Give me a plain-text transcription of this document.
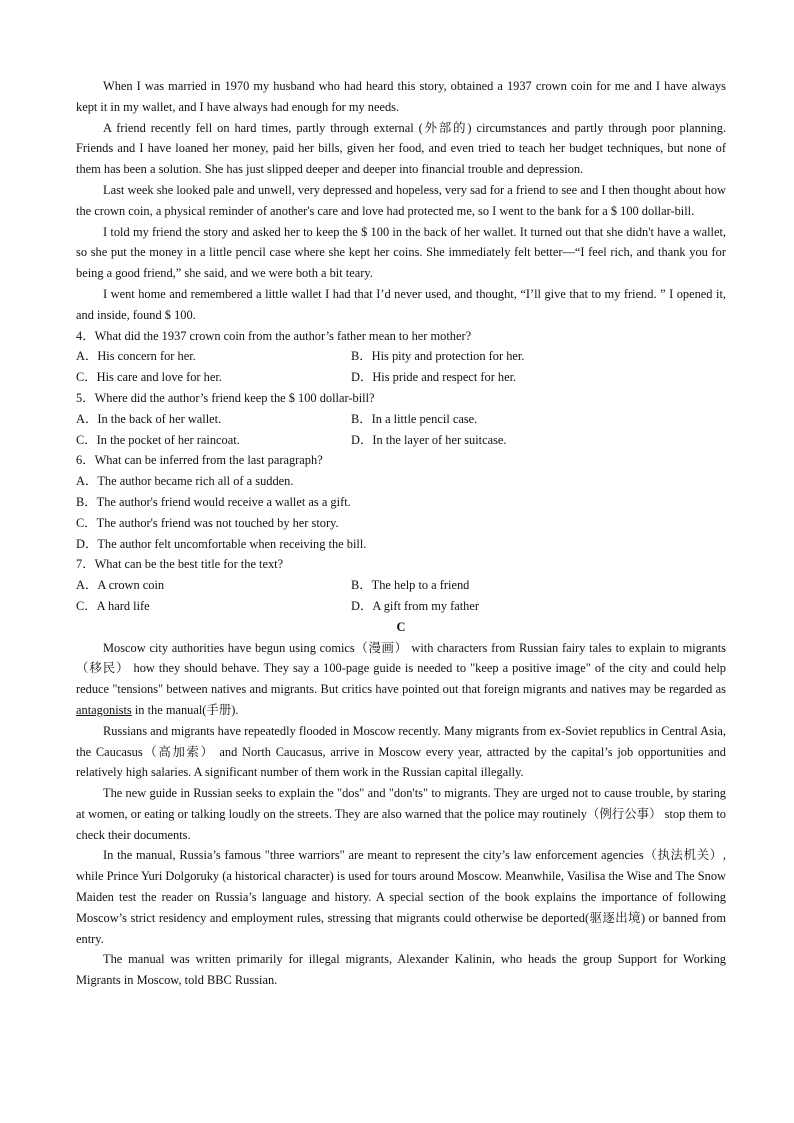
When I was married in 1970 my husband who had heard this story, obtained a 1937 crown coin for me and I have always kept it in my wallet, and I have always had enough for my needs.

A friend recently fell on hard times, partly through external (外部的) circumstances and partly through poor planning. Friends and I have loaned her money, paid her bills, given her food, and even tried to teach her budget techniques, but none of them has been a solution. She has just slipped deeper and deeper into financial trouble and depression.

Last week she looked pale and unwell, very depressed and hopeless, very sad for a friend to see and I then thought about how the crown coin, a physical reminder of another's care and love had protected me, so I went to the bank for a $ 100 dollar-bill.

I told my friend the story and asked her to keep the $ 100 in the back of her wallet. It turned out that she didn't have a wallet, so she put the money in a little pencil case where she kept her coins. She immediately felt better—“I feel rich, and thank you for being a good friend,” she said, and we were both a bit teary.

I went home and remembered a little wallet I had that I’d never used, and thought, “I’ll give that to my friend. ” I opened it, and inside, found $ 100.

4．What did the 1937 crown coin from the author’s father mean to her mother?

A．His concern for her.	B．His pity and protection for her.
C．His care and love for her.	D．His pride and respect for her.

5．Where did the author’s friend keep the $ 100 dollar-bill?

A．In the back of her wallet.	B．In a little pencil case.
C．In the pocket of her raincoat.	D．In the layer of her suitcase.

6．What can be inferred from the last paragraph?

A．The author became rich all of a sudden.

B．The author's friend would receive a wallet as a gift.

C．The author's friend was not touched by her story.

D．The author felt uncomfortable when receiving the bill.

7．What can be the best title for the text?

A．A crown coin	B．The help to a friend
C．A hard life	D．A gift from my father

C

Moscow city authorities have begun using comics（漫画） with characters from Russian fairy tales to explain to migrants（移民） how they should behave. They say a 100-page guide is needed to "keep a positive image" of the city and could help reduce "tensions" between natives and migrants. But critics have pointed out that foreign migrants and natives may be regarded as antagonists in the manual(手册).

Russians and migrants have repeatedly flooded in Moscow recently. Many migrants from ex-Soviet republics in Central Asia, the Caucasus（高加索） and North Caucasus, arrive in Moscow every year, attracted by the capital’s job opportunities and relatively high salaries. A significant number of them work in the Russian capital illegally.

The new guide in Russian seeks to explain the "dos" and "don'ts" to migrants. They are urged not to cause trouble, by staring at women, or eating or talking loudly on the streets. They are also warned that the police may routinely（例行公事） stop them to check their documents.

In the manual, Russia’s famous "three warriors" are meant to represent the city’s law enforcement agencies（执法机关）, while Prince Yuri Dolgoruky (a historical character) is used for tours around Moscow. Meanwhile, Vasilisa the Wise and The Snow Maiden test the reader on Russia’s language and history. A special section of the book explains the importance of following Moscow’s strict residency and employment rules, stressing that migrants could otherwise be deported(驱逐出境) or banned from entry.

The manual was written primarily for illegal migrants, Alexander Kalinin, who heads the group Support for Working Migrants in Moscow, told BBC Russian.
